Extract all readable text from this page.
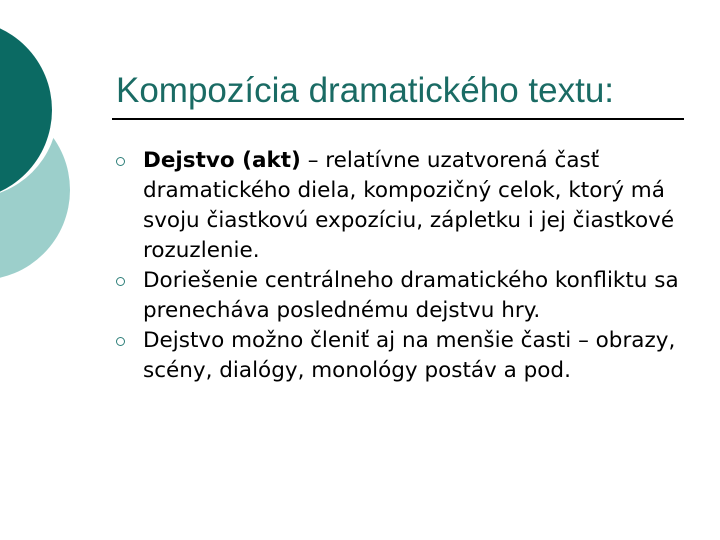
Kompozícia dramatického textu:
Dejstvo (akt) – relatívne uzatvorená časť dramatického diela, kompozičný celok, ktorý má svoju čiastkovú expozíciu, zápletku i jej čiastkové rozuzlenie.
Doriešenie centrálneho dramatického konfliktu sa prenecháva poslednému dejstvu hry.
Dejstvo možno členiť aj na menšie časti – obrazy, scény, dialógy, monológy postáv a pod.
